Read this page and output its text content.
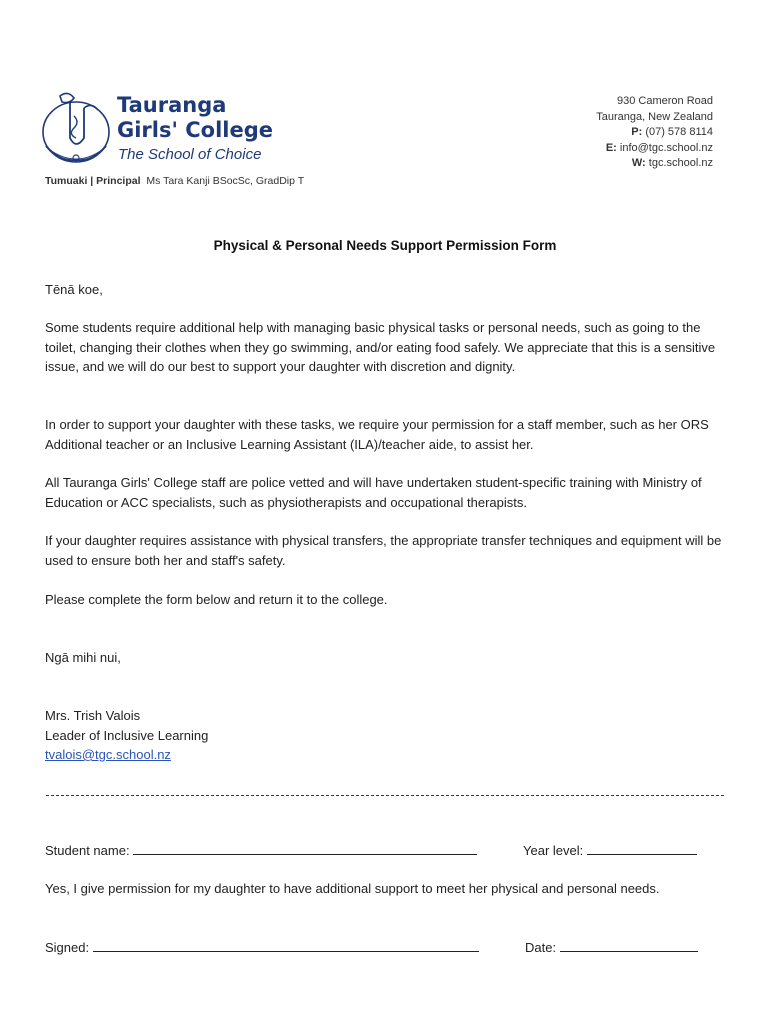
Tauranga
Girls' College
The School of Choice
Tumuaki | Principal Ms Tara Kanji BSocSc, GradDip T
930 Cameron Road
Tauranga, New Zealand
P: (07) 578 8114
E: info@tgc.school.nz
W: tgc.school.nz
Physical & Personal Needs Support Permission Form
Tēnā koe,
Some students require additional help with managing basic physical tasks or personal needs, such as going to the toilet, changing their clothes when they go swimming, and/or eating food safely. We appreciate that this is a sensitive issue, and we will do our best to support your daughter with discretion and dignity.
In order to support your daughter with these tasks, we require your permission for a staff member, such as her ORS Additional teacher or an Inclusive Learning Assistant (ILA)/teacher aide, to assist her.
All Tauranga Girls' College staff are police vetted and will have undertaken student-specific training with Ministry of Education or ACC specialists, such as physiotherapists and occupational therapists.
If your daughter requires assistance with physical transfers, the appropriate transfer techniques and equipment will be used to ensure both her and staff's safety.
Please complete the form below and return it to the college.
Ngā mihi nui,
Mrs. Trish Valois
Leader of Inclusive Learning
tvalois@tgc.school.nz
Student name:	Year level:
Yes, I give permission for my daughter to have additional support to meet her physical and personal needs.
Signed:	Date:
